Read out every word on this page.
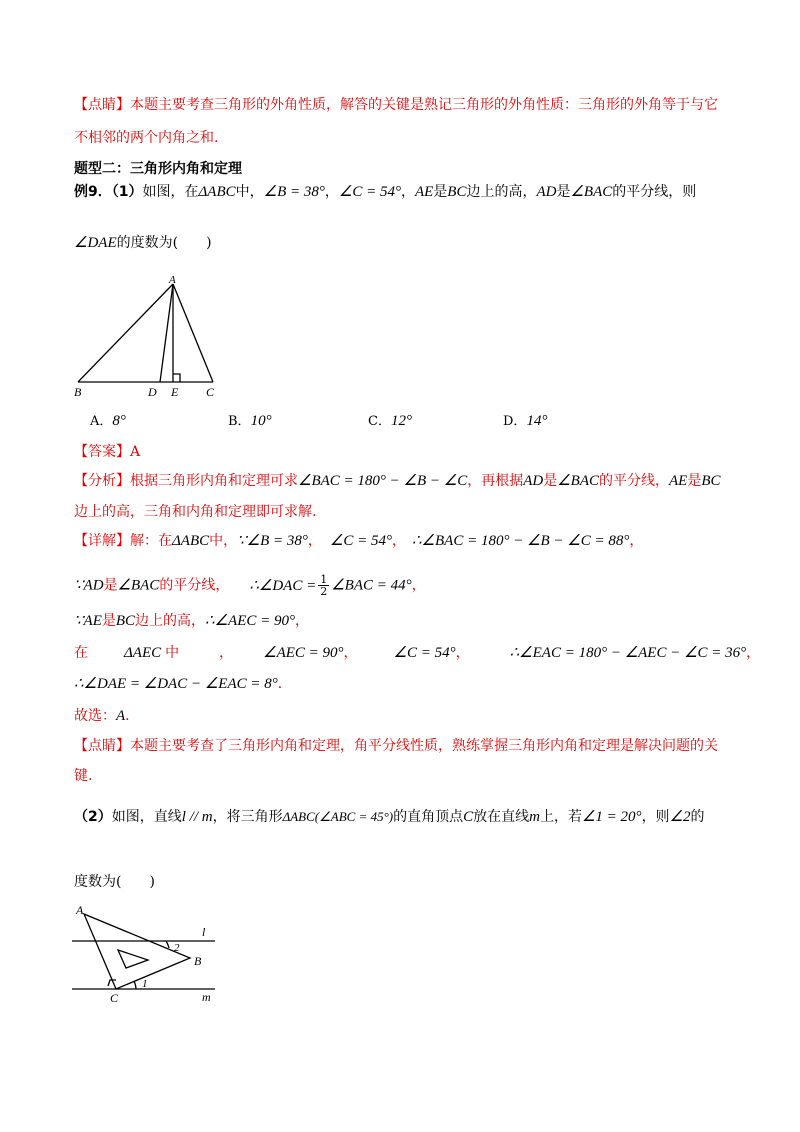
【点睛】本题主要考查三角形的外角性质，解答的关键是熟记三角形的外角性质：三角形的外角等于与它
不相邻的两个内角之和.
题型二：三角形内角和定理
例9．（1）如图，在ΔABC中，∠B = 38°，∠C = 54°，AE是BC边上的高，AD是∠BAC的平分线，则
∠DAE的度数为(　　)
A
B	D E C
A．8°	B．10°	C．12°	D．14°
【答案】A
【分析】根据三角形内角和定理可求∠BAC = 180° − ∠B − ∠C，再根据AD是∠BAC的平分线，AE是BC
边上的高，三角和内角和定理即可求解.
【详解】解：在ΔABC中，∵∠B = 38°， ∠C = 54°， ∴∠BAC = 180° − ∠B − ∠C = 88°，
∵AD是∠BAC的平分线， ∴∠DAC = $\frac{1}{2}$ ∠BAC = 44°，
∵AE是BC边上的高，∴∠AEC = 90°，
在 ΔAEC 中	， ∠AEC = 90°， ∠C = 54°，	∴∠EAC = 180° − ∠AEC − ∠C = 36°，
∴∠DAE = ∠DAC − ∠EAC = 8°．
故选：A．
【点睛】本题主要考查了三角形内角和定理，角平分线性质，熟练掌握三角形内角和定理是解决问题的关
键.
（2）如图，直线l // m，将三角形ΔABC(∠ABC = 45°)的直角顶点C放在直线m上，若∠1 = 20°，则∠2的
度数为(　　)
A
B
C
l
m
1
2
